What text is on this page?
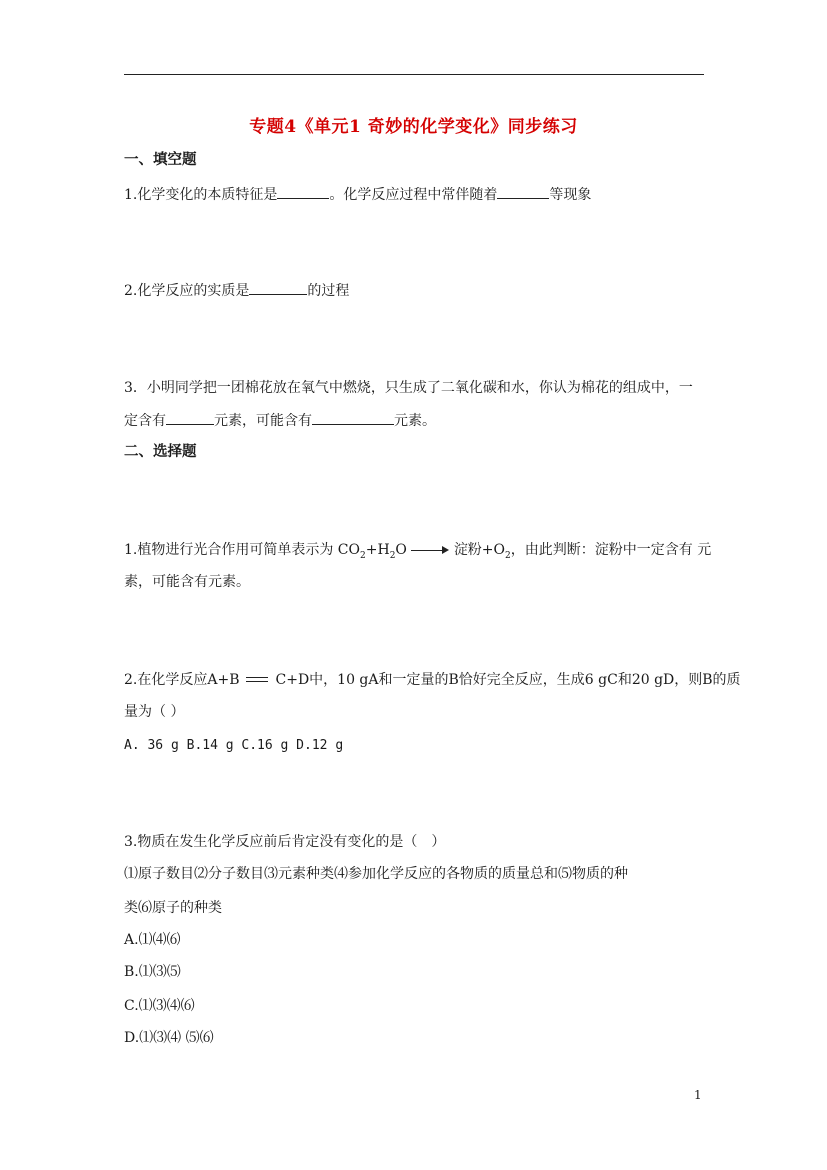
专题4《单元1 奇妙的化学变化》同步练习
一、填空题
1.化学变化的本质特征是	。化学反应过程中常伴随着	等现象
2.化学反应的实质是	的过程
3．小明同学把一团棉花放在氧气中燃烧，只生成了二氧化碳和水，你认为棉花的组成中，一
定含有	元素，可能含有	元素。
二、选择题
1.植物进行光合作用可简单表示为 $CO_2+H_2O$	淀粉$+O_2$，由此判断：淀粉中一定含有 元
素，可能含有元素。
2.在化学反应A+B	C+D中，10 gA和一定量的B恰好完全反应，生成6 gC和20 gD，则B的质
量为（ ）
A. 36 g B.14 g C.16 g D.12 g
3.物质在发生化学反应前后肯定没有变化的是（　）
⑴原子数目⑵分子数目⑶元素种类⑷参加化学反应的各物质的质量总和⑸物质的种
类⑹原子的种类
A.⑴⑷⑹
B.⑴⑶⑸
C.⑴⑶⑷⑹
D.⑴⑶⑷ ⑸⑹
1
